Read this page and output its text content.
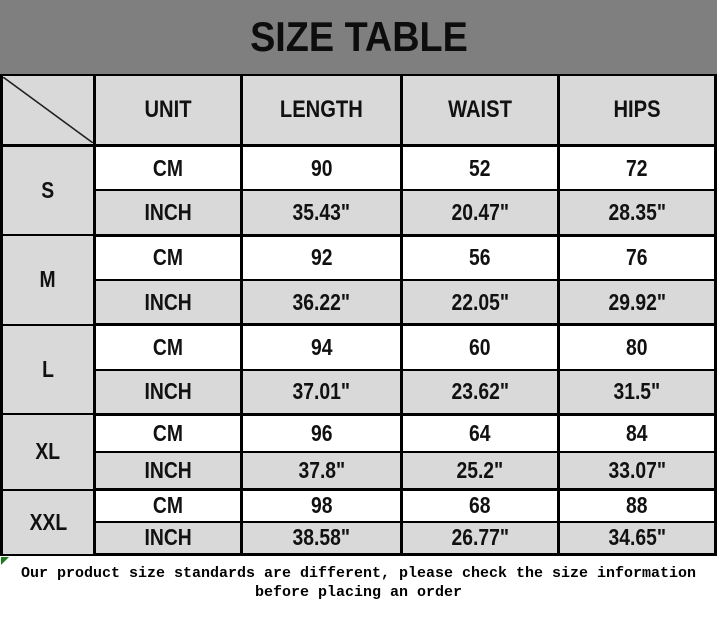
SIZE TABLE
	UNIT	LENGTH	WAIST	HIPS
S	CM	90	52	72
	INCH	35.43"	20.47"	28.35"
M	CM	92	56	76
	INCH	36.22"	22.05"	29.92"
L	CM	94	60	80
	INCH	37.01"	23.62"	31.5"
XL	CM	96	64	84
	INCH	37.8"	25.2"	33.07"
XXL	CM	98	68	88
	INCH	38.58"	26.77"	34.65"
Our product size standards are different, please check the size information
before placing an order
